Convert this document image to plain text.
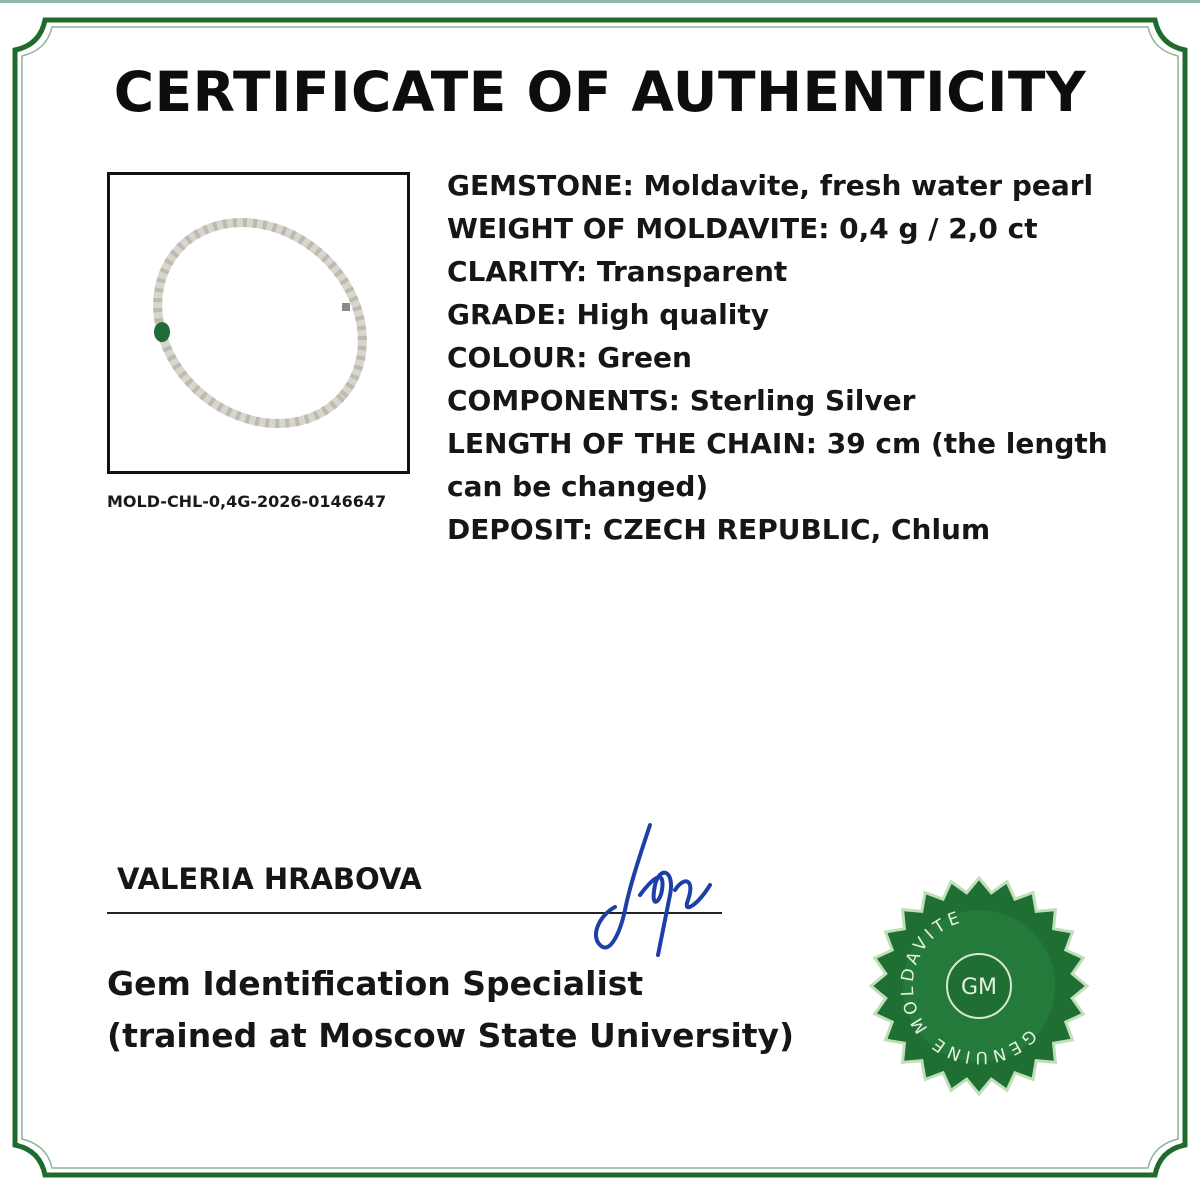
CERTIFICATE OF AUTHENTICITY
MOLD-CHL-0,4G-2026-0146647
GEMSTONE: Moldavite, fresh water pearl
WEIGHT OF MOLDAVITE: 0,4 g / 2,0 ct
CLARITY: Transparent
GRADE: High quality
COLOUR: Green
COMPONENTS: Sterling Silver
LENGTH OF THE CHAIN: 39 cm (the length
can be changed)
DEPOSIT: CZECH REPUBLIC, Chlum
VALERIA HRABOVA
Gem Identification Specialist
(trained at Moscow State University)	GENUINE MOLDAVITE
GM
